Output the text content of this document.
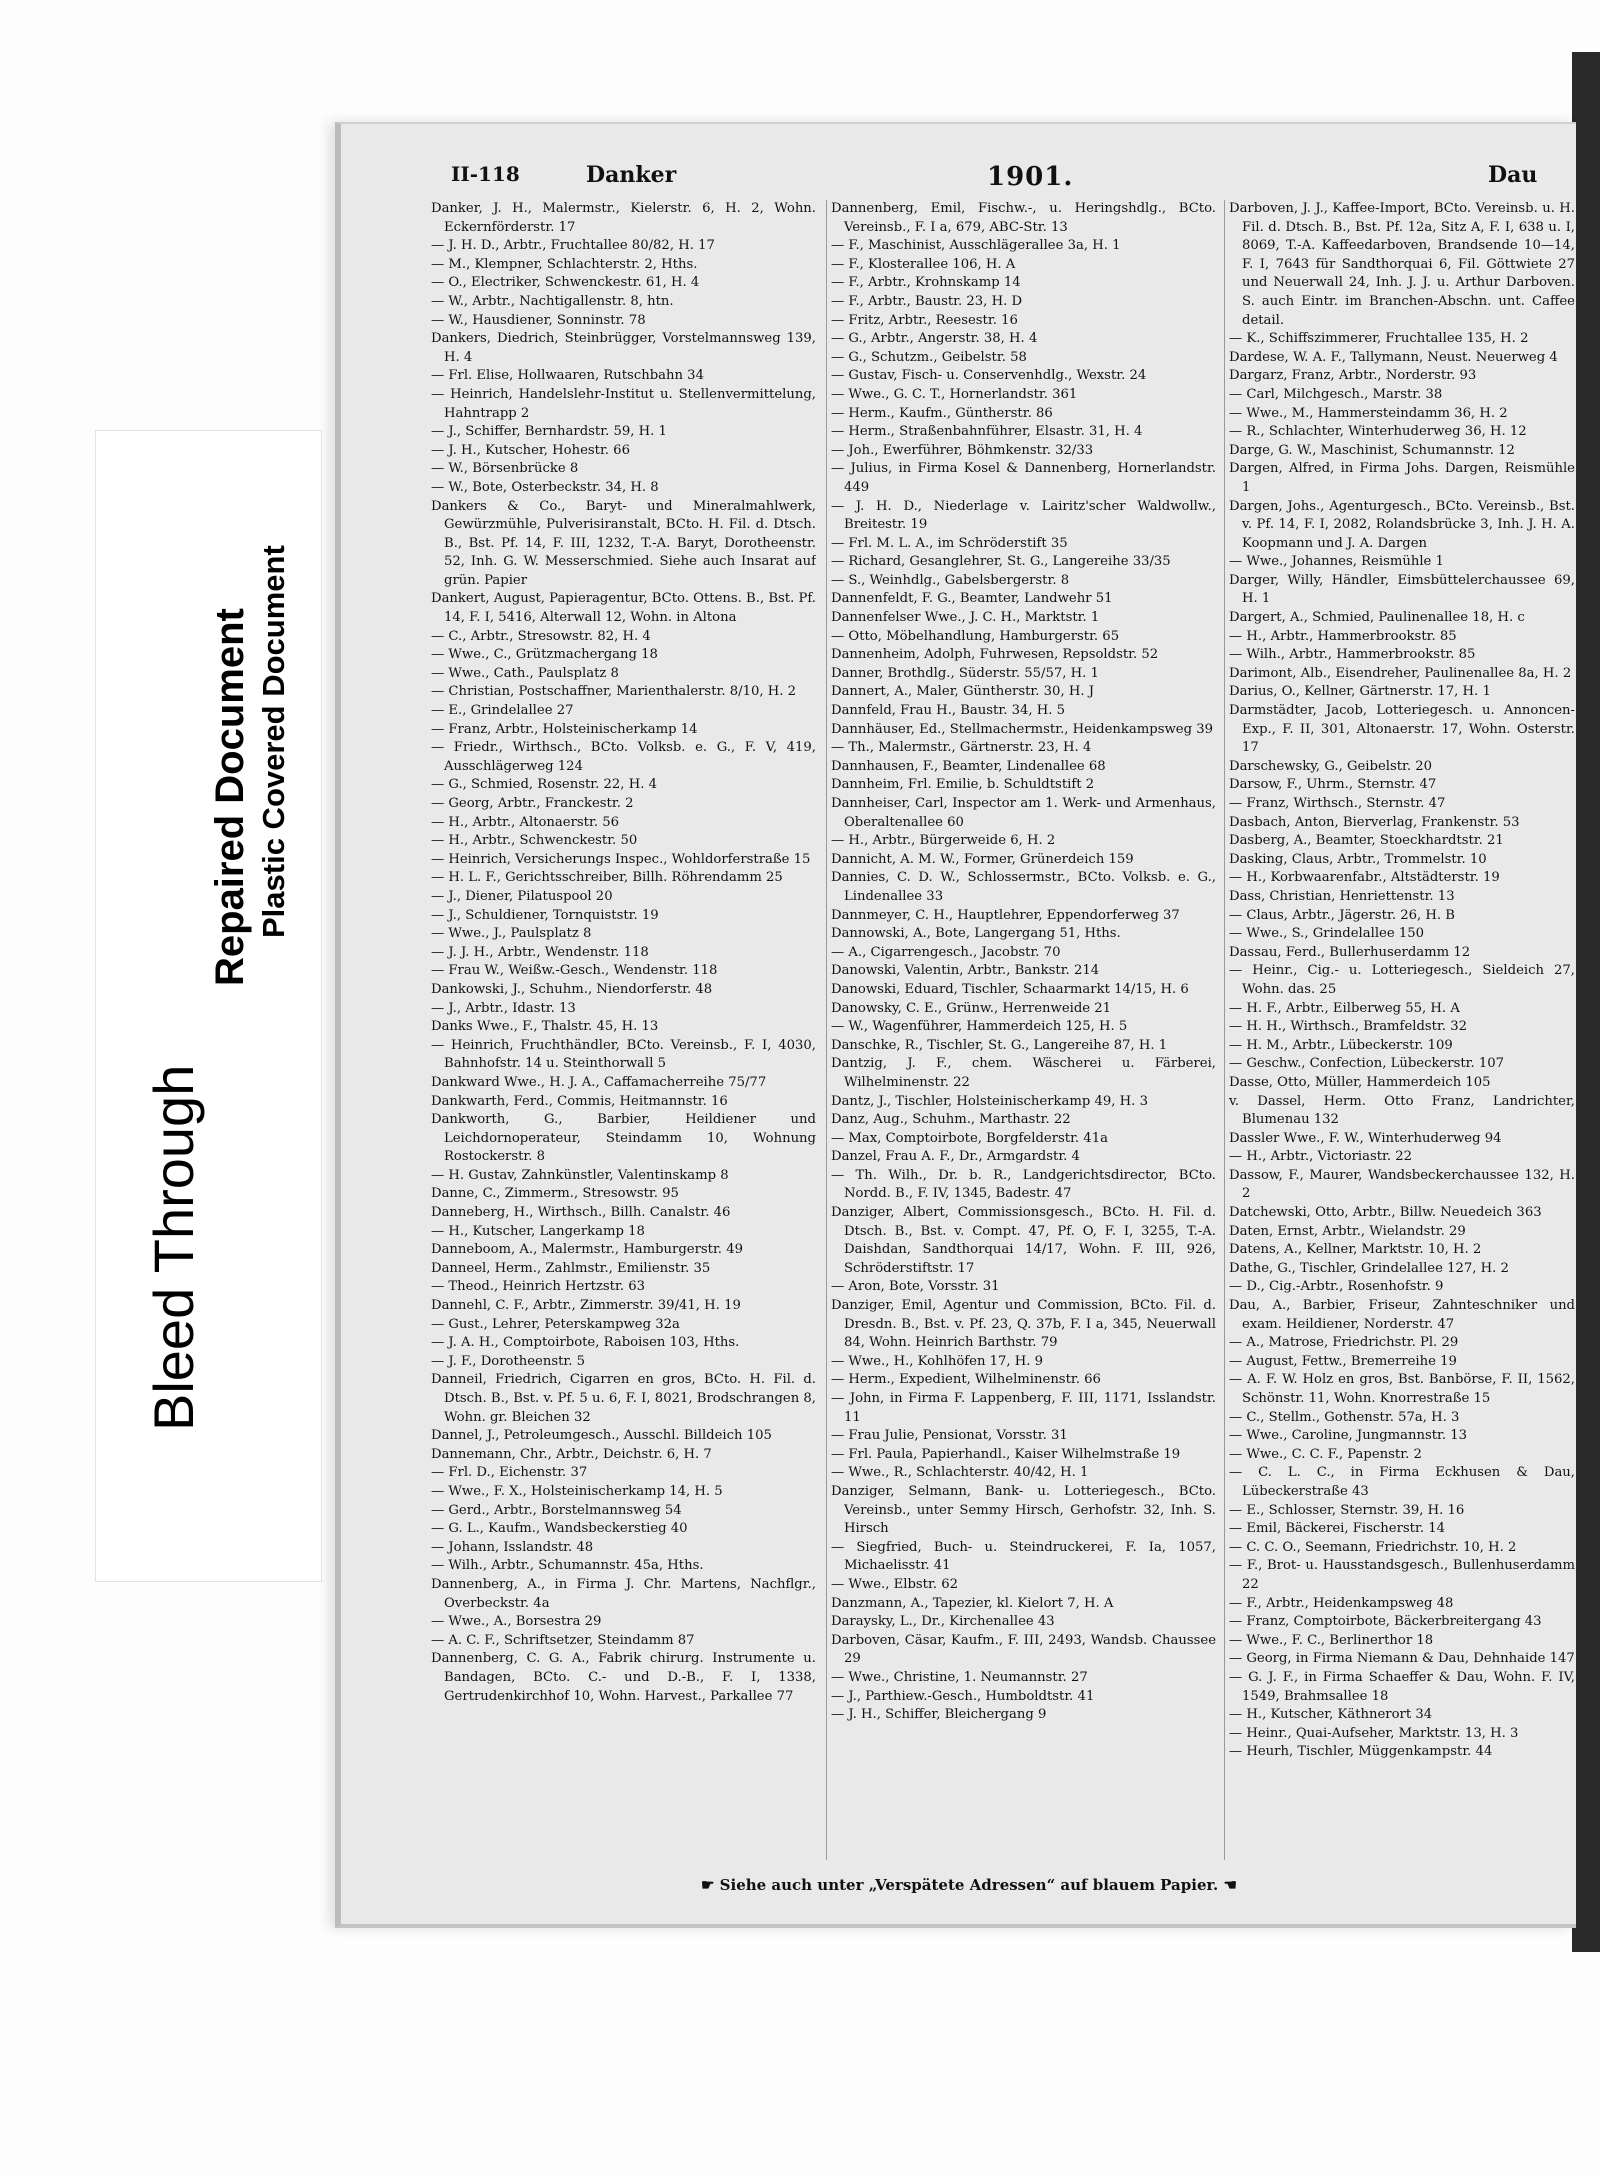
II-118	Danker	1901.	Dau
Danker, J. H., Malermstr., Kielerstr. 6, H. 2, Wohn. Eckernförderstr. 17
— J. H. D., Arbtr., Fruchtallee 80/82, H. 17
— M., Klempner, Schlachterstr. 2, Hths.
— O., Electriker, Schwenckestr. 61, H. 4
— W., Arbtr., Nachtigallenstr. 8, htn.
— W., Hausdiener, Sonninstr. 78
Dankers, Diedrich, Steinbrügger, Vorstelmannsweg 139, H. 4
— Frl. Elise, Hollwaaren, Rutschbahn 34
— Heinrich, Handelslehr-Institut u. Stellenvermittelung, Hahntrapp 2
— J., Schiffer, Bernhardstr. 59, H. 1
— J. H., Kutscher, Hohestr. 66
— W., Börsenbrücke 8
— W., Bote, Osterbeckstr. 34, H. 8
Dankers & Co., Baryt- und Mineralmahlwerk, Gewürzmühle, Pulverisiranstalt, BCto. H. Fil. d. Dtsch. B., Bst. Pf. 14, F. III, 1232, T.-A. Baryt, Dorotheenstr. 52, Inh. G. W. Messerschmied. Siehe auch Insarat auf grün. Papier
Dankert, August, Papieragentur, BCto. Ottens. B., Bst. Pf. 14, F. I, 5416, Alterwall 12, Wohn. in Altona
— C., Arbtr., Stresowstr. 82, H. 4
— Wwe., C., Grützmachergang 18
— Wwe., Cath., Paulsplatz 8
— Christian, Postschaffner, Marienthalerstr. 8/10, H. 2
— E., Grindelallee 27
— Franz, Arbtr., Holsteinischerkamp 14
— Friedr., Wirthsch., BCto. Volksb. e. G., F. V, 419, Ausschlägerweg 124
— G., Schmied, Rosenstr. 22, H. 4
— Georg, Arbtr., Franckestr. 2
— H., Arbtr., Altonaerstr. 56
— H., Arbtr., Schwenckestr. 50
— Heinrich, Versicherungs Inspec., Wohldorferstraße 15
— H. L. F., Gerichtsschreiber, Billh. Röhrendamm 25
— J., Diener, Pilatuspool 20
— J., Schuldiener, Tornquiststr. 19
— Wwe., J., Paulsplatz 8
— J. J. H., Arbtr., Wendenstr. 118
— Frau W., Weißw.-Gesch., Wendenstr. 118
Dankowski, J., Schuhm., Niendorferstr. 48
— J., Arbtr., Idastr. 13
Danks Wwe., F., Thalstr. 45, H. 13
— Heinrich, Fruchthändler, BCto. Vereinsb., F. I, 4030, Bahnhofstr. 14 u. Steinthorwall 5
Dankward Wwe., H. J. A., Caffamacherreihe 75/77
Dankwarth, Ferd., Commis, Heitmannstr. 16
Dankworth, G., Barbier, Heildiener und Leichdornoperateur, Steindamm 10, Wohnung Rostockerstr. 8
— H. Gustav, Zahnkünstler, Valentinskamp 8
Danne, C., Zimmerm., Stresowstr. 95
Danneberg, H., Wirthsch., Billh. Canalstr. 46
— H., Kutscher, Langerkamp 18
Danneboom, A., Malermstr., Hamburgerstr. 49
Danneel, Herm., Zahlmstr., Emilienstr. 35
— Theod., Heinrich Hertzstr. 63
Dannehl, C. F., Arbtr., Zimmerstr. 39/41, H. 19
— Gust., Lehrer, Peterskampweg 32a
— J. A. H., Comptoirbote, Raboisen 103, Hths.
— J. F., Dorotheenstr. 5
Danneil, Friedrich, Cigarren en gros, BCto. H. Fil. d. Dtsch. B., Bst. v. Pf. 5 u. 6, F. I, 8021, Brodschrangen 8, Wohn. gr. Bleichen 32
Dannel, J., Petroleumgesch., Ausschl. Billdeich 105
Dannemann, Chr., Arbtr., Deichstr. 6, H. 7
— Frl. D., Eichenstr. 37
— Wwe., F. X., Holsteinischerkamp 14, H. 5
— Gerd., Arbtr., Borstelmannsweg 54
— G. L., Kaufm., Wandsbeckerstieg 40
— Johann, Isslandstr. 48
— Wilh., Arbtr., Schumannstr. 45a, Hths.
Dannenberg, A., in Firma J. Chr. Martens, Nachflgr., Overbeckstr. 4a
— Wwe., A., Borsestra 29
— A. C. F., Schriftsetzer, Steindamm 87
Dannenberg, C. G. A., Fabrik chirurg. Instrumente u. Bandagen, BCto. C.- und D.-B., F. I, 1338, Gertrudenkirchhof 10, Wohn. Harvest., Parkallee 77
Dannenberg, Emil, Fischw.-, u. Heringshdlg., BCto. Vereinsb., F. I a, 679, ABC-Str. 13
— F., Maschinist, Ausschlägerallee 3a, H. 1
— F., Klosterallee 106, H. A
— F., Arbtr., Krohnskamp 14
— F., Arbtr., Baustr. 23, H. D
— Fritz, Arbtr., Reesestr. 16
— G., Arbtr., Angerstr. 38, H. 4
— G., Schutzm., Geibelstr. 58
— Gustav, Fisch- u. Conservenhdlg., Wexstr. 24
— Wwe., G. C. T., Hornerlandstr. 361
— Herm., Kaufm., Güntherstr. 86
— Herm., Straßenbahnführer, Elsastr. 31, H. 4
— Joh., Ewerführer, Böhmkenstr. 32/33
— Julius, in Firma Kosel & Dannenberg, Hornerlandstr. 449
— J. H. D., Niederlage v. Lairitz'scher Waldwollw., Breitestr. 19
— Frl. M. L. A., im Schröderstift 35
— Richard, Gesanglehrer, St. G., Langereihe 33/35
— S., Weinhdlg., Gabelsbergerstr. 8
Dannenfeldt, F. G., Beamter, Landwehr 51
Dannenfelser Wwe., J. C. H., Marktstr. 1
— Otto, Möbelhandlung, Hamburgerstr. 65
Dannenheim, Adolph, Fuhrwesen, Repsoldstr. 52
Danner, Brothdlg., Süderstr. 55/57, H. 1
Dannert, A., Maler, Güntherstr. 30, H. J
Dannfeld, Frau H., Baustr. 34, H. 5
Dannhäuser, Ed., Stellmachermstr., Heidenkampsweg 39
— Th., Malermstr., Gärtnerstr. 23, H. 4
Dannhausen, F., Beamter, Lindenallee 68
Dannheim, Frl. Emilie, b. Schuldtstift 2
Dannheiser, Carl, Inspector am 1. Werk- und Armenhaus, Oberaltenallee 60
— H., Arbtr., Bürgerweide 6, H. 2
Dannicht, A. M. W., Former, Grünerdeich 159
Dannies, C. D. W., Schlossermstr., BCto. Volksb. e. G., Lindenallee 33
Dannmeyer, C. H., Hauptlehrer, Eppendorferweg 37
Dannowski, A., Bote, Langergang 51, Hths.
— A., Cigarrengesch., Jacobstr. 70
Danowski, Valentin, Arbtr., Bankstr. 214
Danowski, Eduard, Tischler, Schaarmarkt 14/15, H. 6
Danowsky, C. E., Grünw., Herrenweide 21
— W., Wagenführer, Hammerdeich 125, H. 5
Danschke, R., Tischler, St. G., Langereihe 87, H. 1
Dantzig, J. F., chem. Wäscherei u. Färberei, Wilhelminenstr. 22
Dantz, J., Tischler, Holsteinischerkamp 49, H. 3
Danz, Aug., Schuhm., Marthastr. 22
— Max, Comptoirbote, Borgfelderstr. 41a
Danzel, Frau A. F., Dr., Armgardstr. 4
— Th. Wilh., Dr. b. R., Landgerichtsdirector, BCto. Nordd. B., F. IV, 1345, Badestr. 47
Danziger, Albert, Commissionsgesch., BCto. H. Fil. d. Dtsch. B., Bst. v. Compt. 47, Pf. O, F. I, 3255, T.-A. Daishdan, Sandthorquai 14/17, Wohn. F. III, 926, Schröderstiftstr. 17
— Aron, Bote, Vorsstr. 31
Danziger, Emil, Agentur und Commission, BCto. Fil. d. Dresdn. B., Bst. v. Pf. 23, Q. 37b, F. I a, 345, Neuerwall 84, Wohn. Heinrich Barthstr. 79
— Wwe., H., Kohlhöfen 17, H. 9
— Herm., Expedient, Wilhelminenstr. 66
— John, in Firma F. Lappenberg, F. III, 1171, Isslandstr. 11
— Frau Julie, Pensionat, Vorsstr. 31
— Frl. Paula, Papierhandl., Kaiser Wilhelmstraße 19
— Wwe., R., Schlachterstr. 40/42, H. 1
Danziger, Selmann, Bank- u. Lotteriegesch., BCto. Vereinsb., unter Semmy Hirsch, Gerhofstr. 32, Inh. S. Hirsch
— Siegfried, Buch- u. Steindruckerei, F. Ia, 1057, Michaelisstr. 41
— Wwe., Elbstr. 62
Danzmann, A., Tapezier, kl. Kielort 7, H. A
Daraysky, L., Dr., Kirchenallee 43
Darboven, Cäsar, Kaufm., F. III, 2493, Wandsb. Chaussee 29
— Wwe., Christine, 1. Neumannstr. 27
— J., Parthiew.-Gesch., Humboldtstr. 41
— J. H., Schiffer, Bleichergang 9
Darboven, J. J., Kaffee-Import, BCto. Vereinsb. u. H. Fil. d. Dtsch. B., Bst. Pf. 12a, Sitz A, F. I, 638 u. I, 8069, T.-A. Kaffeedarboven, Brandsende 10—14, F. I, 7643 für Sandthorquai 6, Fil. Göttwiete 27 und Neuerwall 24, Inh. J. J. u. Arthur Darboven. S. auch Eintr. im Branchen-Abschn. unt. Caffee detail.
— K., Schiffszimmerer, Fruchtallee 135, H. 2
Dardese, W. A. F., Tallymann, Neust. Neuerweg 4
Dargarz, Franz, Arbtr., Norderstr. 93
— Carl, Milchgesch., Marstr. 38
— Wwe., M., Hammersteindamm 36, H. 2
— R., Schlachter, Winterhuderweg 36, H. 12
Darge, G. W., Maschinist, Schumannstr. 12
Dargen, Alfred, in Firma Johs. Dargen, Reismühle 1
Dargen, Johs., Agenturgesch., BCto. Vereinsb., Bst. v. Pf. 14, F. I, 2082, Rolandsbrücke 3, Inh. J. H. A. Koopmann und J. A. Dargen
— Wwe., Johannes, Reismühle 1
Darger, Willy, Händler, Eimsbüttelerchaussee 69, H. 1
Dargert, A., Schmied, Paulinenallee 18, H. c
— H., Arbtr., Hammerbrookstr. 85
— Wilh., Arbtr., Hammerbrookstr. 85
Darimont, Alb., Eisendreher, Paulinenallee 8a, H. 2
Darius, O., Kellner, Gärtnerstr. 17, H. 1
Darmstädter, Jacob, Lotteriegesch. u. Annoncen-Exp., F. II, 301, Altonaerstr. 17, Wohn. Osterstr. 17
Darschewsky, G., Geibelstr. 20
Darsow, F., Uhrm., Sternstr. 47
— Franz, Wirthsch., Sternstr. 47
Dasbach, Anton, Bierverlag, Frankenstr. 53
Dasberg, A., Beamter, Stoeckhardtstr. 21
Dasking, Claus, Arbtr., Trommelstr. 10
— H., Korbwaarenfabr., Altstädterstr. 19
Dass, Christian, Henriettenstr. 13
— Claus, Arbtr., Jägerstr. 26, H. B
— Wwe., S., Grindelallee 150
Dassau, Ferd., Bullerhuserdamm 12
— Heinr., Cig.- u. Lotteriegesch., Sieldeich 27, Wohn. das. 25
— H. F., Arbtr., Eilberweg 55, H. A
— H. H., Wirthsch., Bramfeldstr. 32
— H. M., Arbtr., Lübeckerstr. 109
— Geschw., Confection, Lübeckerstr. 107
Dasse, Otto, Müller, Hammerdeich 105
v. Dassel, Herm. Otto Franz, Landrichter, Blumenau 132
Dassler Wwe., F. W., Winterhuderweg 94
— H., Arbtr., Victoriastr. 22
Dassow, F., Maurer, Wandsbeckerchaussee 132, H. 2
Datchewski, Otto, Arbtr., Billw. Neuedeich 363
Daten, Ernst, Arbtr., Wielandstr. 29
Datens, A., Kellner, Marktstr. 10, H. 2
Dathe, G., Tischler, Grindelallee 127, H. 2
— D., Cig.-Arbtr., Rosenhofstr. 9
Dau, A., Barbier, Friseur, Zahnteschniker und exam. Heildiener, Norderstr. 47
— A., Matrose, Friedrichstr. Pl. 29
— August, Fettw., Bremerreihe 19
— A. F. W. Holz en gros, Bst. Banbörse, F. II, 1562, Schönstr. 11, Wohn. Knorrestraße 15
— C., Stellm., Gothenstr. 57a, H. 3
— Wwe., Caroline, Jungmannstr. 13
— Wwe., C. C. F., Papenstr. 2
— C. L. C., in Firma Eckhusen & Dau, Lübeckerstraße 43
— E., Schlosser, Sternstr. 39, H. 16
— Emil, Bäckerei, Fischerstr. 14
— C. C. O., Seemann, Friedrichstr. 10, H. 2
— F., Brot- u. Hausstandsgesch., Bullenhuserdamm 22
— F., Arbtr., Heidenkampsweg 48
— Franz, Comptoirbote, Bäckerbreitergang 43
— Wwe., F. C., Berlinerthor 18
— Georg, in Firma Niemann & Dau, Dehnhaide 147
— G. J. F., in Firma Schaeffer & Dau, Wohn. F. IV, 1549, Brahmsallee 18
— H., Kutscher, Käthnerort 34
— Heinr., Quai-Aufseher, Marktstr. 13, H. 3
— Heurh, Tischler, Müggenkampstr. 44
☛ Siehe auch unter „Verspätete Adressen“ auf blauem Papier. ☚
Bleed Through
Repaired Document Plastic Covered Document
